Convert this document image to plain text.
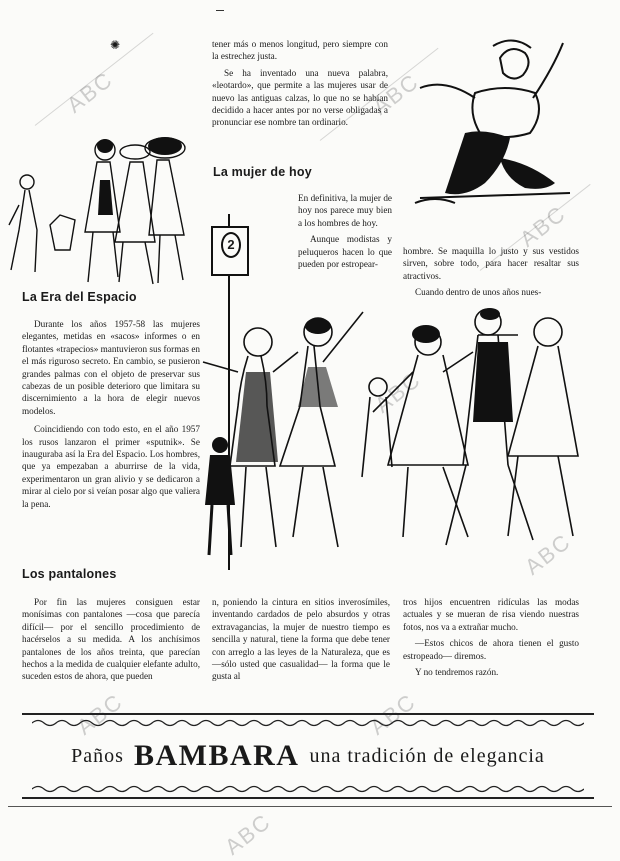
ABC	ABC
ABC
ABC
ABC	ABC
ABC
ABC
✺	tener más o menos longitud, pero siempre con la estrechez justa.

Se ha inventado una nueva palabra, «leotardo», que permite a las mujeres usar de nuevo las antiguas calzas, lo que no se habían decidido a hacer antes por no verse obligadas a pronunciar ese nombre tan ordinario.

La mujer de hoy

En definitiva, la mujer de hoy nos parece muy bien a los hombres de hoy.

Aunque modistas y peluqueros hacen lo que pueden por estropear-

hombre. Se maquilla lo justo y sus vestidos sirven, sobre todo, para hacer resaltar sus atractivos.

Cuando dentro de unos años nues-

2
La Era del Espacio

Durante los años 1957-58 las mujeres elegantes, metidas en «sacos» informes o en flotantes «trapecios» mantuvieron sus formas en el más riguroso secreto. En cambio, se pusieron grandes palmas con el objeto de preservar sus cabezas de un posible deterioro que limitara su discernimiento a la hora de elegir nuevos modelos.

Coincidiendo con todo esto, en el año 1957 los rusos lanzaron el primer «sputnik». Se inauguraba así la Era del Espacio. Los hombres, que ya empezaban a aburrirse de la vida, experimentaron un gran alivio y se dedicaron a mirar al cielo por si veían posar algo que valiera la pena.

Los pantalones

Por fin las mujeres consiguen estar monísimas con pantalones —cosa que parecía difícil— por el sencillo procedimiento de hacérselos a su medida. A los anchísimos pantalones de los años treinta, que parecían hechos a la medida de cualquier elefante adulto, suceden estos de ahora, que pueden

n, poniendo la cintura en sitios inverosímiles, inventando cardados de pelo absurdos y otras extravagancias, la mujer de nuestro tiempo es sencilla y natural, tiene la forma que debe tener con arreglo a las leyes de la Naturaleza, que es —sólo usted que casualidad— la forma que le gusta al

tros hijos encuentren ridículas las modas actuales y se mueran de risa viendo nuestras fotos, nos va a extrañar mucho.

—Estos chicos de ahora tienen el gusto estropeado— diremos.

Y no tendremos razón.

Paños BAMBARA una tradición de elegancia
